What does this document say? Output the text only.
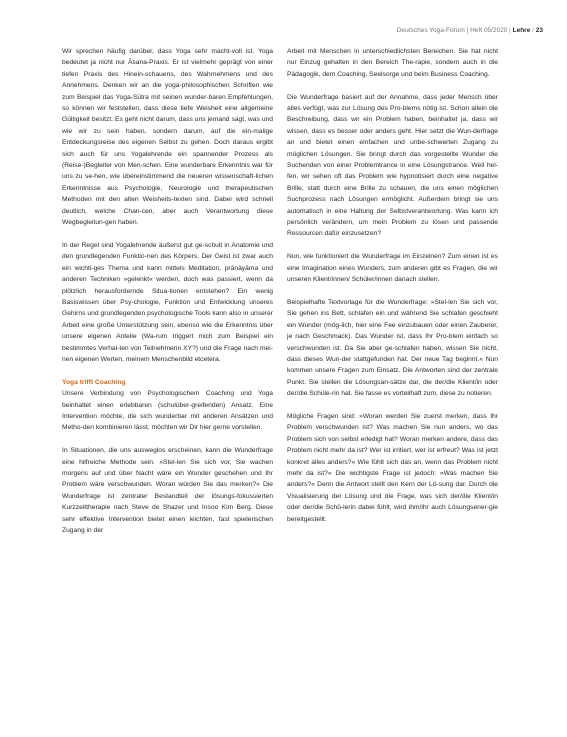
Deutsches Yoga-Forum | Heft 05/2020 | Lehre / 23

Wir sprechen häufig darüber, dass Yoga sehr macht-voll ist. Yoga bedeutet ja nicht nur Āsana-Praxis. Er ist vielmehr geprägt von einer tiefen Praxis des Hinein-schauens, des Wahrnehmens und des Annehmens. Denken wir an die yoga-philosophischen Schriften wie zum Beispiel das Yoga-Sūtra mit seinen wunder-baren Empfehlungen, so können wir feststellen, dass diese tiefe Weisheit eine allgemeine Gültigkeit besitzt. Es geht nicht darum, dass uns jemand sagt, was und wie wir zu sein haben, sondern darum, auf die ein-malige Entdeckungsreise des eigenen Selbst zu gehen. Doch daraus ergibt sich auch für uns Yogalehrende ein spannender Prozess als (Reise-)Begleiter von Men-schen. Eine wunderbare Erkenntnis war für uns zu se-hen, wie übereinstimmend die neueren wissenschaft-lichen Erkenntnisse aus Psychologie, Neurologie und therapeutischen Methoden mit den alten Weisheits-texten sind. Dabei wird schnell deutlich, welche Chan-cen, aber auch Verantwortung diese Wegbegleitun-gen haben.

In der Regel sind Yogalehrende äußerst gut ge-schult in Anatomie und den grundlegenden Funktio-nen des Körpers. Der Geist ist zwar auch ein wichti-ges Thema und kann mittels Meditation, prāṇāyāma und anderen Techniken »gelenkt« werden, doch was passiert, wenn da plötzlich herausfordernde Situa-tionen entstehen? Ein wenig Basiswissen über Psy-chologie, Funktion und Entwicklung unseres Gehirns und grundlegenden psychologische Tools kann also in unserer Arbeit eine große Unterstützung sein, ebenso wie die Erkenntnis über unsere eigenen Anteile (Wa-rum triggert mich zum Beispiel ein bestimmtes Verhal-ten von Teilnehmerin XY?) und die Frage nach mei-nen eigenen Werten, meinem Menschenbild etcetera.

Yoga trifft Coaching

Unsere Verbindung von Psychologischem Coaching und Yoga beinhaltet einen erlebbaren (schulüber-greifenden) Ansatz. Eine Intervention möchte, die sich wunderbar mit anderen Ansätzen und Metho-den kombinieren lässt, möchten wir Dir hier gerne vorstellen.

In Situationen, die uns ausweglos erscheinen, kann die Wunderfrage eine hilfreiche Methode sein. »Stel-len Sie sich vor, Sie wachen morgens auf und über Nacht wäre ein Wunder geschehen und Ihr Problem wäre verschwunden. Woran würden Sie das merken?« Die Wunderfrage ist zentraler Bestandteil der lösungs-fokussierten Kurzzeittherapie nach Steve de Shazer und Insoo Kim Berg. Diese sehr effektive Intervention bietet einen leichten, fast spielerischen Zugang in der

Arbeit mit Menschen in unterschiedlichsten Bereichen. Sie hat nicht nur Einzug gehalten in den Bereich The-rapie, sondern auch in die Pädagogik, dem Coaching, Seelsorge und beim Business Coaching.

Die Wunderfrage basiert auf der Annahme, dass jeder Mensch über alles verfügt, was zur Lösung des Pro-blems nötig ist. Schon allein die Beschreibung, dass wir ein Problem haben, beinhaltet ja, dass wir wissen, dass es besser oder anders geht. Hier setzt die Wun-derfrage an und bietet einen einfachen und unbe-schwerten Zugang zu möglichen Lösungen. Sie bringt durch das vorgestellte Wunder die Suchenden von einer Problemtrance in eine Lösungstrance. Weil hel-fen, wir sehen oft das Problem wie hypnotisiert durch eine negative Brille, statt durch eine Brille zu schauen, die uns einen möglichen Suchprozess nach Lösungen ermöglicht. Außerdem bringt sie uns automatisch in eine Haltung der Selbstverantwortung. Was kann ich persönlich verändern, um mein Problem zu lösen und passende Ressourcen dafür einzusetzen?

Nun, wie funktioniert die Wunderfrage im Einzelnen? Zum einen ist es eine Imagination eines Wunders, zum anderen gibt es Fragen, die wir unseren Klient/innen/ Schüler/innen danach stellen.

Beispielhafte Textvorlage für die Wunderfrage: »Stel-len Sie sich vor, Sie gehen ins Bett, schlafen ein und während Sie schlafen geschieht ein Wunder (mög-lich, hier eine Fee einzubauen oder einen Zauberer, je nach Geschmack). Das Wunder ist, dass Ihr Pro-blem einfach so verschwunden ist. Da Sie aber ge-schlafen haben, wissen Sie nicht, dass dieses Wun-der stattgefunden hat. Der neue Tag beginnt.« Nun kommen unsere Fragen zum Einsatz. Die Antworten sind der zentrale Punkt. Sie stellen die Lösungsan-sätze dar, die der/die Klient/in oder der/die Schüle-rin hat. Sie fasse es vorteilhaft zum, diese zu notieren.

Mögliche Fragen sind: »Woran werden Sie zuerst merken, dass Ihr Problem verschwunden ist? Was machen Sie nun anders, wo das Problem sich von selbst erledigt hat? Woran merken andere, dass das Problem nicht mehr da ist? Wer ist irritiert, wer ist erfreut? Was ist jetzt konkret alles anders?« Wie fühlt sich das an, wenn das Problem nicht mehr da ist?« Die wichtigste Frage ist jedoch: »Was machen Sie anders?« Denn die Antwort stellt den Kern der Lö-sung dar. Durch die Visualisierung der Lösung und die Frage, was sich der/die Klient/in oder der/die Schü-lerin dabei fühlt, wird ihm/ihr auch Lösungsener-gie bereitgestellt.
